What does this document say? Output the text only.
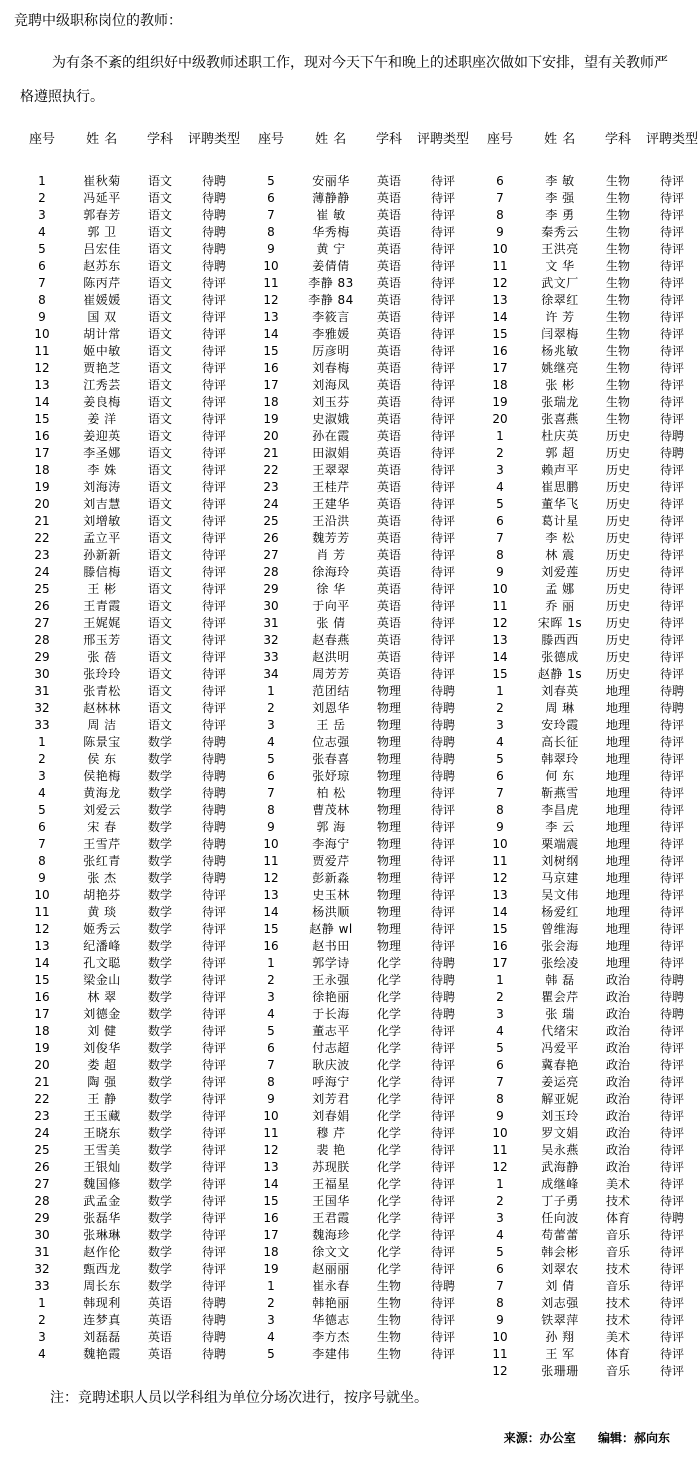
竞聘中级职称岗位的教师：
为有条不紊的组织好中级教师述职工作，现对今天下午和晚上的述职座次做如下安排，望有关教师严格遵照执行。
座号	姓 名	学科	评聘类型
1	崔秋菊	语文	待聘
2	冯延平	语文	待聘
3	郭春芳	语文	待聘
4	郭 卫	语文	待聘
5	吕宏佳	语文	待聘
6	赵苏东	语文	待聘
7	陈丙芹	语文	待评
8	崔媛媛	语文	待评
9	国 双	语文	待评
10	胡计常	语文	待评
11	姬中敏	语文	待评
12	贾艳芝	语文	待评
13	江秀芸	语文	待评
14	姜良梅	语文	待评
15	姜 洋	语文	待评
16	姜迎英	语文	待评
17	李圣娜	语文	待评
18	李 姝	语文	待评
19	刘海涛	语文	待评
20	刘吉慧	语文	待评
21	刘增敏	语文	待评
22	孟立平	语文	待评
23	孙新新	语文	待评
24	滕信梅	语文	待评
25	王 彬	语文	待评
26	王青霞	语文	待评
27	王娓娓	语文	待评
28	邢玉芳	语文	待评
29	张 蓓	语文	待评
30	张玲玲	语文	待评
31	张青松	语文	待评
32	赵林林	语文	待评
33	周 洁	语文	待评
1	陈景宝	数学	待聘
2	侯 东	数学	待聘
3	侯艳梅	数学	待聘
4	黄海龙	数学	待聘
5	刘爱云	数学	待聘
6	宋 春	数学	待聘
7	王雪芹	数学	待聘
8	张红青	数学	待聘
9	张 杰	数学	待聘
10	胡艳芬	数学	待评
11	黄 琰	数学	待评
12	姬秀云	数学	待评
13	纪潘峰	数学	待评
14	孔文聪	数学	待评
15	梁金山	数学	待评
16	林 翠	数学	待评
17	刘德金	数学	待评
18	刘 健	数学	待评
19	刘俊华	数学	待评
20	娄 超	数学	待评
21	陶 强	数学	待评
22	王 静	数学	待评
23	王玉藏	数学	待评
24	王晓东	数学	待评
25	王雪美	数学	待评
26	王银灿	数学	待评
27	魏国修	数学	待评
28	武孟金	数学	待评
29	张磊华	数学	待评
30	张琳琳	数学	待评
31	赵作伦	数学	待评
32	甄西龙	数学	待评
33	周长东	数学	待评
1	韩现利	英语	待聘
2	连梦真	英语	待聘
3	刘磊磊	英语	待聘
4	魏艳霞	英语	待聘
座号	姓 名	学科	评聘类型
5	安丽华	英语	待评
6	薄静静	英语	待评
7	崔 敏	英语	待评
8	华秀梅	英语	待评
9	黄 宁	英语	待评
10	姜倩倩	英语	待评
11	李静 83	英语	待评
12	李静 84	英语	待评
13	李筱言	英语	待评
14	李雅媛	英语	待评
15	厉彦明	英语	待评
16	刘春梅	英语	待评
17	刘海凤	英语	待评
18	刘玉芬	英语	待评
19	史淑娥	英语	待评
20	孙在霞	英语	待评
21	田淑娟	英语	待评
22	王翠翠	英语	待评
23	王桂芹	英语	待评
24	王建华	英语	待评
25	王沿洪	英语	待评
26	魏芳芳	英语	待评
27	肖 芳	英语	待评
28	徐海玲	英语	待评
29	徐 华	英语	待评
30	于向平	英语	待评
31	张 倩	英语	待评
32	赵春燕	英语	待评
33	赵洪明	英语	待评
34	周芳芳	英语	待评
1	范团结	物理	待聘
2	刘恩华	物理	待聘
3	王 岳	物理	待聘
4	位志强	物理	待聘
5	张春喜	物理	待聘
6	张妤琼	物理	待聘
7	柏 松	物理	待评
8	曹茂林	物理	待评
9	郭 海	物理	待评
10	李海宁	物理	待评
11	贾爱芹	物理	待评
12	彭新淼	物理	待评
13	史玉林	物理	待评
14	杨洪顺	物理	待评
15	赵静 wl	物理	待评
16	赵书田	物理	待评
1	郭学诗	化学	待聘
2	王永强	化学	待聘
3	徐艳丽	化学	待聘
4	于长海	化学	待聘
5	董志平	化学	待评
6	付志超	化学	待评
7	耿庆波	化学	待评
8	呼海宁	化学	待评
9	刘芳君	化学	待评
10	刘春娟	化学	待评
11	穆 芹	化学	待评
12	裴 艳	化学	待评
13	苏现朕	化学	待评
14	王福星	化学	待评
15	王国华	化学	待评
16	王君霞	化学	待评
17	魏海珍	化学	待评
18	徐文文	化学	待评
19	赵丽丽	化学	待评
1	崔永春	生物	待聘
2	韩艳丽	生物	待评
3	华德志	生物	待评
4	李方杰	生物	待评
5	李建伟	生物	待评
座号	姓 名	学科	评聘类型
6	李 敏	生物	待评
7	李 强	生物	待评
8	李 勇	生物	待评
9	秦秀云	生物	待评
10	王洪亮	生物	待评
11	文 华	生物	待评
12	武文厂	生物	待评
13	徐翠红	生物	待评
14	许 芳	生物	待评
15	闫翠梅	生物	待评
16	杨兆敏	生物	待评
17	姚继亮	生物	待评
18	张 彬	生物	待评
19	张瑞龙	生物	待评
20	张喜燕	生物	待评
1	杜庆英	历史	待聘
2	郭 超	历史	待聘
3	赖声平	历史	待评
4	崔思鹏	历史	待评
5	董华飞	历史	待评
6	葛计星	历史	待评
7	李 松	历史	待评
8	林 震	历史	待评
9	刘爱莲	历史	待评
10	孟 娜	历史	待评
11	乔 丽	历史	待评
12	宋晖 1s	历史	待评
13	滕西西	历史	待评
14	张德成	历史	待评
15	赵静 1s	历史	待评
1	刘春英	地理	待聘
2	周 琳	地理	待聘
3	安玲霞	地理	待评
4	高长征	地理	待评
5	韩翠玲	地理	待评
6	何 东	地理	待评
7	靳燕雪	地理	待评
8	李昌虎	地理	待评
9	李 云	地理	待评
10	栗端震	地理	待评
11	刘树纲	地理	待评
12	马京建	地理	待评
13	吴文伟	地理	待评
14	杨爱红	地理	待评
15	曾维海	地理	待评
16	张会海	地理	待评
17	张绘凌	地理	待评
1	韩 磊	政治	待聘
2	瞿会芹	政治	待聘
3	张 瑞	政治	待聘
4	代绪宋	政治	待评
5	冯爱平	政治	待评
6	冀春艳	政治	待评
7	姜运亮	政治	待评
8	解亚妮	政治	待评
9	刘玉玲	政治	待评
10	罗文娟	政治	待评
11	吴永燕	政治	待评
12	武海静	政治	待评
1	成继峰	美术	待评
2	丁子勇	技术	待评
3	任向波	体育	待聘
4	苟蕾蕾	音乐	待评
5	韩会彬	音乐	待评
6	刘翠农	技术	待评
7	刘 倩	音乐	待评
8	刘志强	技术	待评
9	铁翠萍	技术	待评
10	孙 翔	美术	待评
11	王 军	体育	待评
12	张珊珊	音乐	待评
注：竞聘述职人员以学科组为单位分场次进行，按序号就坐。
来源：办公室 编辑：郝向东
